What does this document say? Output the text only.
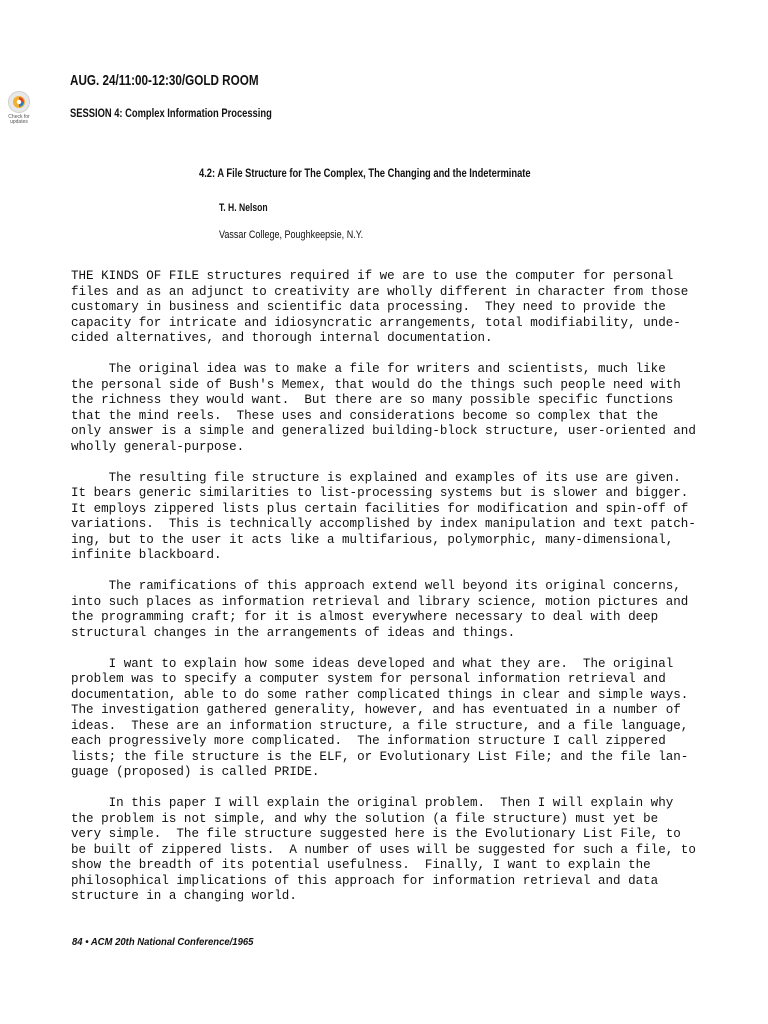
Check for
updates
AUG. 24/11:00-12:30/GOLD ROOM
SESSION 4: Complex Information Processing
4.2: A File Structure for The Complex, The Changing and the Indeterminate
T. H. Nelson
Vassar College, Poughkeepsie, N.Y.
THE KINDS OF FILE structures required if we are to use the computer for personal
files and as an adjunct to creativity are wholly different in character from those
customary in business and scientific data processing.  They need to provide the
capacity for intricate and idiosyncratic arrangements, total modifiability, unde-
cided alternatives, and thorough internal documentation.
The original idea was to make a file for writers and scientists, much like
the personal side of Bush's Memex, that would do the things such people need with
the richness they would want.  But there are so many possible specific functions
that the mind reels.  These uses and considerations become so complex that the
only answer is a simple and generalized building-block structure, user-oriented and
wholly general-purpose.
The resulting file structure is explained and examples of its use are given.
It bears generic similarities to list-processing systems but is slower and bigger.
It employs zippered lists plus certain facilities for modification and spin-off of
variations.  This is technically accomplished by index manipulation and text patch-
ing, but to the user it acts like a multifarious, polymorphic, many-dimensional,
infinite blackboard.
The ramifications of this approach extend well beyond its original concerns,
into such places as information retrieval and library science, motion pictures and
the programming craft; for it is almost everywhere necessary to deal with deep
structural changes in the arrangements of ideas and things.
I want to explain how some ideas developed and what they are.  The original
problem was to specify a computer system for personal information retrieval and
documentation, able to do some rather complicated things in clear and simple ways.
The investigation gathered generality, however, and has eventuated in a number of
ideas.  These are an information structure, a file structure, and a file language,
each progressively more complicated.  The information structure I call zippered
lists; the file structure is the ELF, or Evolutionary List File; and the file lan-
guage (proposed) is called PRIDE.
In this paper I will explain the original problem.  Then I will explain why
the problem is not simple, and why the solution (a file structure) must yet be
very simple.  The file structure suggested here is the Evolutionary List File, to
be built of zippered lists.  A number of uses will be suggested for such a file, to
show the breadth of its potential usefulness.  Finally, I want to explain the
philosophical implications of this approach for information retrieval and data
structure in a changing world.
84 • ACM 20th National Conference/1965
